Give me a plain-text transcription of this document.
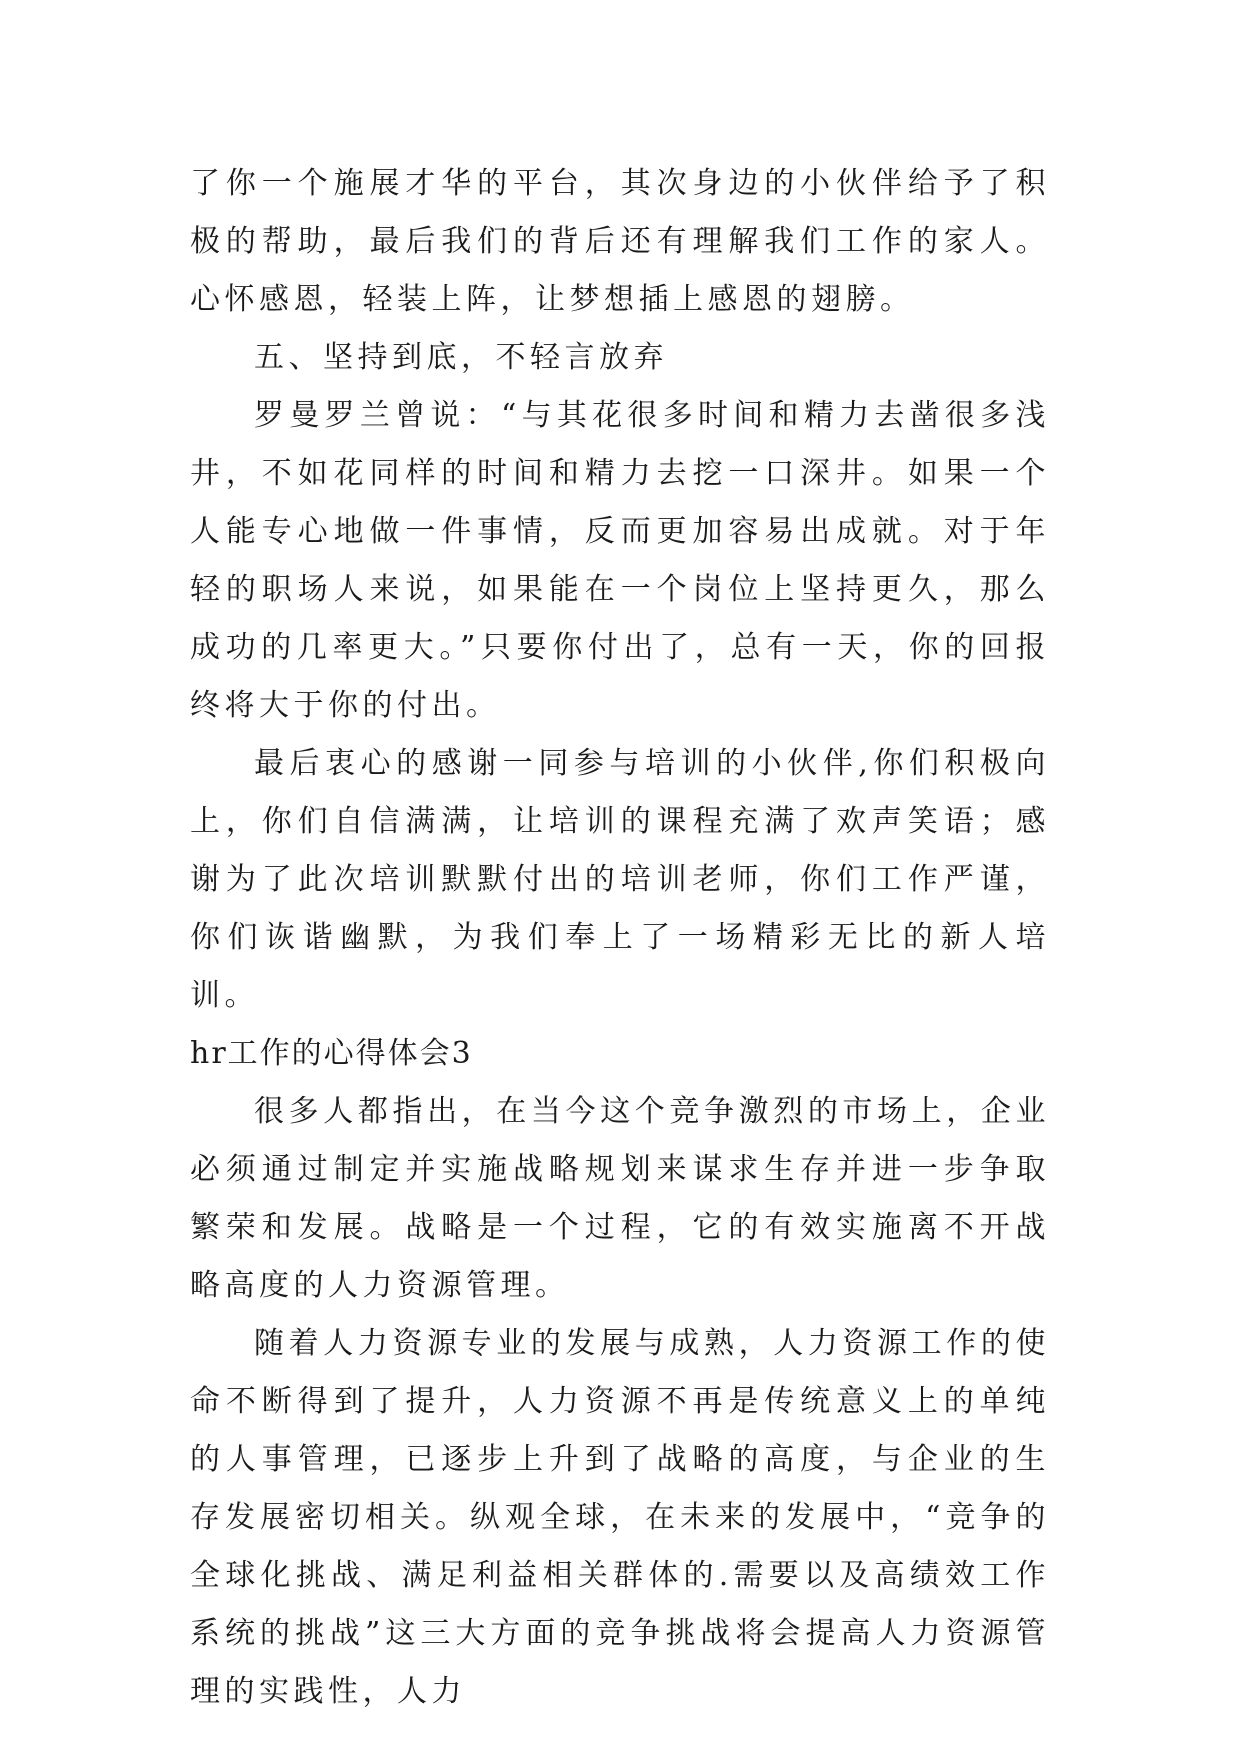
了你一个施展才华的平台，其次身边的小伙伴给予了积极的帮助，最后我们的背后还有理解我们工作的家人。心怀感恩，轻装上阵，让梦想插上感恩的翅膀。

五、坚持到底，不轻言放弃

罗曼罗兰曾说：“与其花很多时间和精力去凿很多浅井，不如花同样的时间和精力去挖一口深井。如果一个人能专心地做一件事情，反而更加容易出成就。对于年轻的职场人来说，如果能在一个岗位上坚持更久，那么成功的几率更大。”只要你付出了，总有一天，你的回报终将大于你的付出。

最后衷心的感谢一同参与培训的小伙伴,你们积极向上，你们自信满满，让培训的课程充满了欢声笑语；感谢为了此次培训默默付出的培训老师，你们工作严谨，你们诙谐幽默，为我们奉上了一场精彩无比的新人培训。

hr工作的心得体会3

很多人都指出，在当今这个竞争激烈的市场上，企业必须通过制定并实施战略规划来谋求生存并进一步争取繁荣和发展。战略是一个过程，它的有效实施离不开战略高度的人力资源管理。

随着人力资源专业的发展与成熟，人力资源工作的使命不断得到了提升，人力资源不再是传统意义上的单纯的人事管理，已逐步上升到了战略的高度，与企业的生存发展密切相关。纵观全球，在未来的发展中，“竞争的全球化挑战、满足利益相关群体的.需要以及高绩效工作系统的挑战”这三大方面的竞争挑战将会提高人力资源管理的实践性，人力
